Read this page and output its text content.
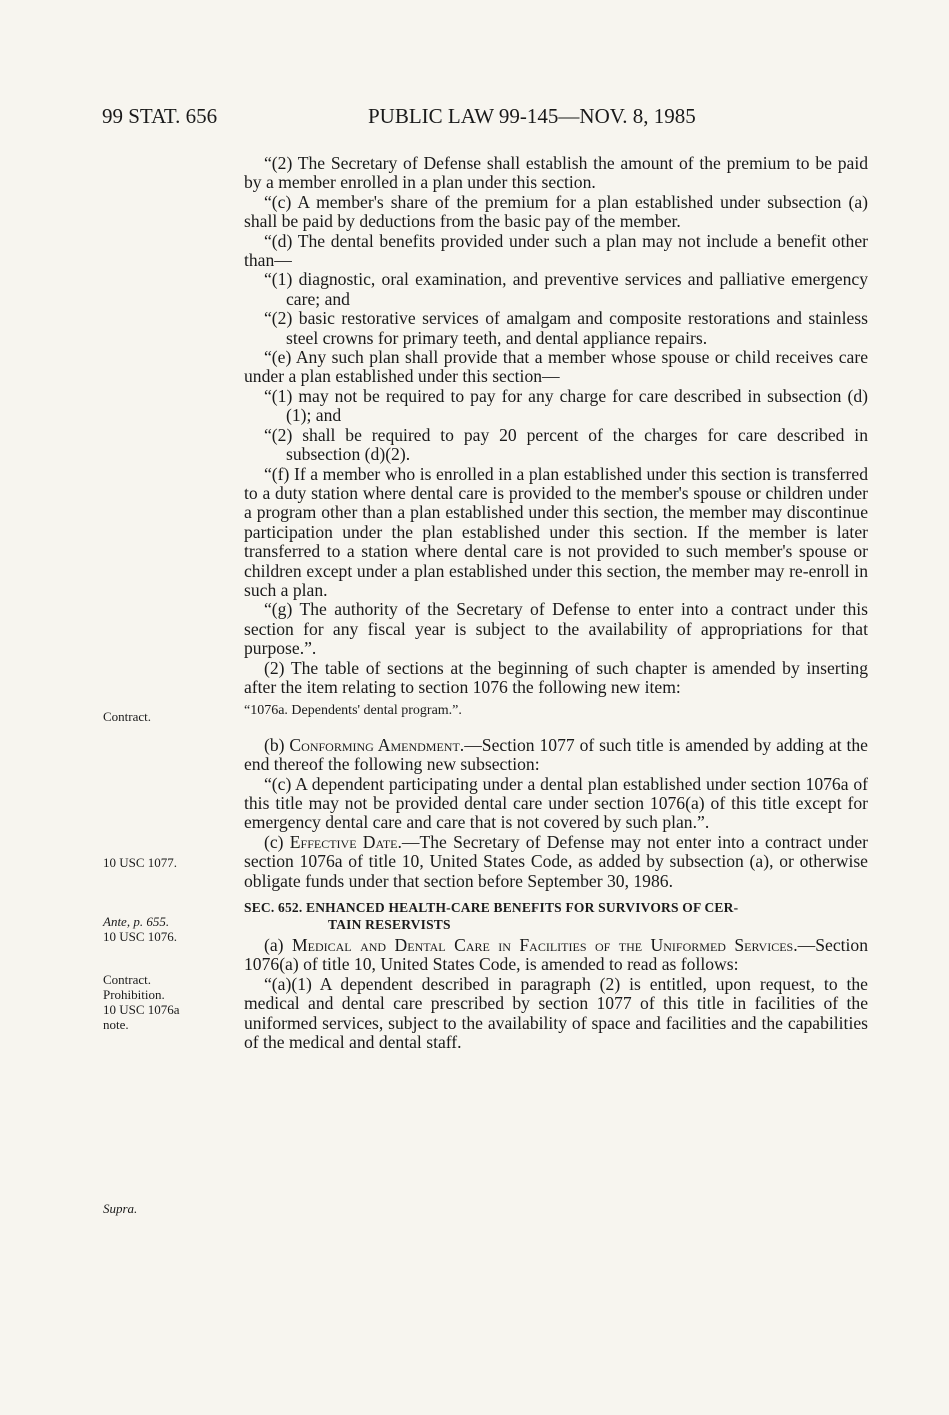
99 STAT. 656	PUBLIC LAW 99-145—NOV. 8, 1985
Contract.
10 USC 1077.
Ante, p. 655.
10 USC 1076.
Contract.
Prohibition.
10 USC 1076a
note.
Supra.

“(2) The Secretary of Defense shall establish the amount of the premium to be paid by a member enrolled in a plan under this section.

“(c) A member's share of the premium for a plan established under subsection (a) shall be paid by deductions from the basic pay of the member.

“(d) The dental benefits provided under such a plan may not include a benefit other than—

“(1) diagnostic, oral examination, and preventive services and palliative emergency care; and

“(2) basic restorative services of amalgam and composite restorations and stainless steel crowns for primary teeth, and dental appliance repairs.

“(e) Any such plan shall provide that a member whose spouse or child receives care under a plan established under this section—

“(1) may not be required to pay for any charge for care described in subsection (d)(1); and

“(2) shall be required to pay 20 percent of the charges for care described in subsection (d)(2).

“(f) If a member who is enrolled in a plan established under this section is transferred to a duty station where dental care is provided to the member's spouse or children under a program other than a plan established under this section, the member may discontinue participation under the plan established under this section. If the member is later transferred to a station where dental care is not provided to such member's spouse or children except under a plan established under this section, the member may re-enroll in such a plan.

“(g) The authority of the Secretary of Defense to enter into a contract under this section for any fiscal year is subject to the availability of appropriations for that purpose.”.

(2) The table of sections at the beginning of such chapter is amended by inserting after the item relating to section 1076 the following new item:

“1076a. Dependents' dental program.”.

(b) Conforming Amendment.—Section 1077 of such title is amended by adding at the end thereof the following new subsection:

“(c) A dependent participating under a dental plan established under section 1076a of this title may not be provided dental care under section 1076(a) of this title except for emergency dental care and care that is not covered by such plan.”.

(c) Effective Date.—The Secretary of Defense may not enter into a contract under section 1076a of title 10, United States Code, as added by subsection (a), or otherwise obligate funds under that section before September 30, 1986.

SEC. 652. ENHANCED HEALTH-CARE BENEFITS FOR SURVIVORS OF CER-
TAIN RESERVISTS

(a) Medical and Dental Care in Facilities of the Uniformed Services.—Section 1076(a) of title 10, United States Code, is amended to read as follows:

“(a)(1) A dependent described in paragraph (2) is entitled, upon request, to the medical and dental care prescribed by section 1077 of this title in facilities of the uniformed services, subject to the availability of space and facilities and the capabilities of the medical and dental staff.
